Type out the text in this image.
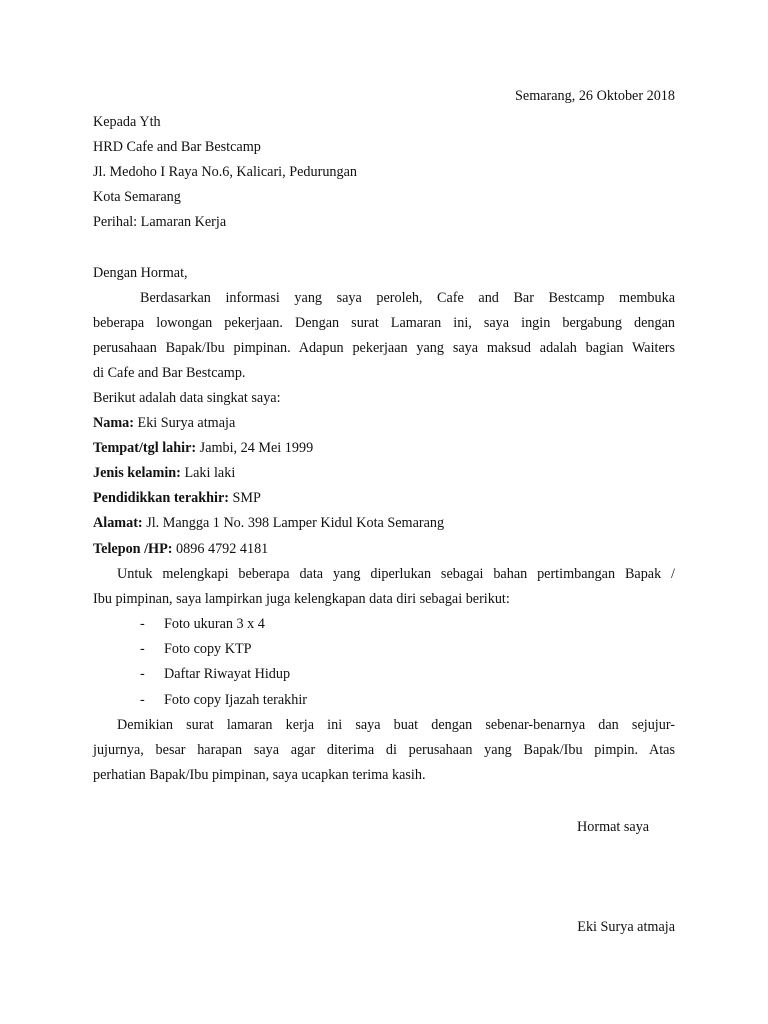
Semarang, 26 Oktober 2018
Kepada Yth
HRD Cafe and Bar Bestcamp
Jl. Medoho I Raya No.6, Kalicari, Pedurungan
Kota Semarang
Perihal: Lamaran Kerja
Dengan Hormat,
Berdasarkan informasi yang saya peroleh, Cafe and Bar Bestcamp membuka
beberapa lowongan pekerjaan. Dengan surat Lamaran ini, saya ingin bergabung dengan
perusahaan Bapak/Ibu pimpinan. Adapun pekerjaan yang saya maksud adalah bagian Waiters
di Cafe and Bar Bestcamp.
Berikut adalah data singkat saya:
Nama: Eki Surya atmaja
Tempat/tgl lahir: Jambi, 24 Mei 1999
Jenis kelamin: Laki laki
Pendidikkan terakhir: SMP
Alamat: Jl. Mangga 1 No. 398 Lamper Kidul Kota Semarang
Telepon /HP: 0896 4792 4181
Untuk melengkapi beberapa data yang diperlukan sebagai bahan pertimbangan Bapak /
Ibu pimpinan, saya lampirkan juga kelengkapan data diri sebagai berikut:
- Foto ukuran 3 x 4
- Foto copy KTP
- Daftar Riwayat Hidup
- Foto copy Ijazah terakhir
Demikian surat lamaran kerja ini saya buat dengan sebenar-benarnya dan sejujur-
jujurnya, besar harapan saya agar diterima di perusahaan yang Bapak/Ibu pimpin. Atas
perhatian Bapak/Ibu pimpinan, saya ucapkan terima kasih.
Hormat saya
Eki Surya atmaja
